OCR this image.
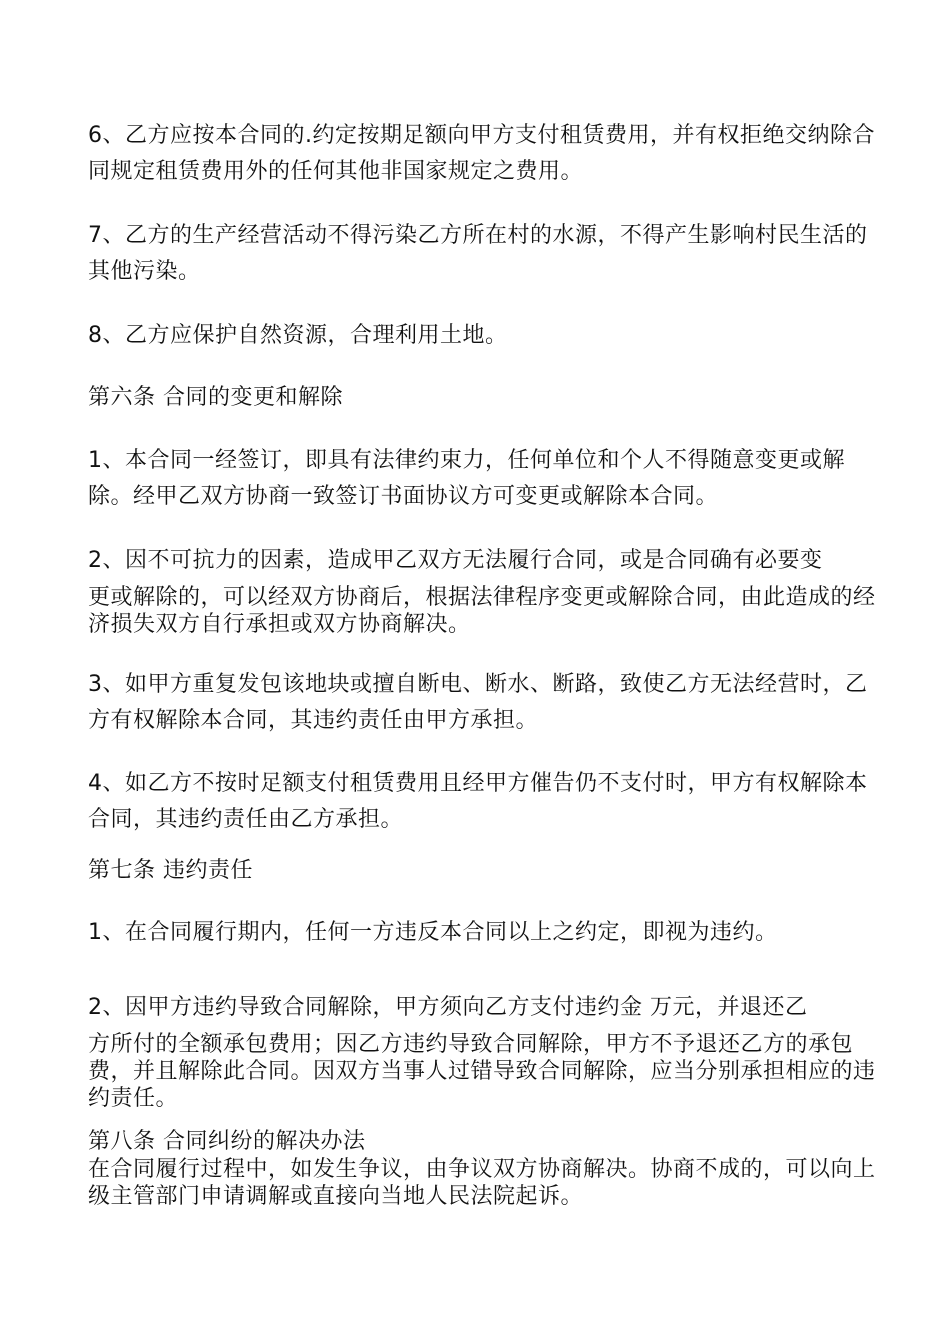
6、乙方应按本合同的.约定按期足额向甲方支付租赁费用，并有权拒绝交纳除合同规定租赁费用外的任何其他非国家规定之费用。

7、乙方的生产经营活动不得污染乙方所在村的水源，不得产生影响村民生活的其他污染。

8、乙方应保护自然资源，合理利用土地。

第六条 合同的变更和解除

1、本合同一经签订，即具有法律约束力，任何单位和个人不得随意变更或解除。经甲乙双方协商一致签订书面协议方可变更或解除本合同。

2、因不可抗力的因素，造成甲乙双方无法履行合同，或是合同确有必要变

更或解除的，可以经双方协商后，根据法律程序变更或解除合同，由此造成的经济损失双方自行承担或双方协商解决。

3、如甲方重复发包该地块或擅自断电、断水、断路，致使乙方无法经营时，乙方有权解除本合同，其违约责任由甲方承担。

4、如乙方不按时足额支付租赁费用且经甲方催告仍不支付时，甲方有权解除本合同，其违约责任由乙方承担。

第七条 违约责任

1、在合同履行期内，任何一方违反本合同以上之约定，即视为违约。

2、因甲方违约导致合同解除，甲方须向乙方支付违约金 万元，并退还乙

方所付的全额承包费用；因乙方违约导致合同解除，甲方不予退还乙方的承包费，并且解除此合同。因双方当事人过错导致合同解除，应当分别承担相应的违约责任。

第八条 合同纠纷的解决办法

在合同履行过程中，如发生争议，由争议双方协商解决。协商不成的，可以向上级主管部门申请调解或直接向当地人民法院起诉。
